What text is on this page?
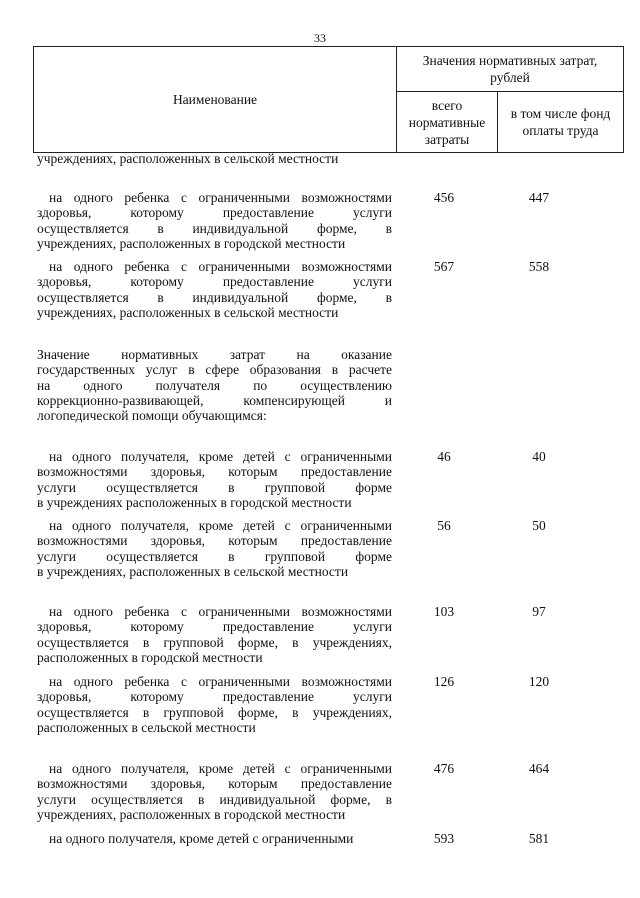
33
Наименование	Значения нормативных затрат, рублей	
	всего нормативные затраты	в том числе фонд оплаты труда
учреждениях, расположенных в сельской местности
на одного ребенка с ограниченными возможностями
здоровья, которому предоставление услуги
осуществляется в индивидуальной форме, в
учреждениях, расположенных в городской местности
456	447
на одного ребенка с ограниченными возможностями
здоровья, которому предоставление услуги
осуществляется в индивидуальной форме, в
учреждениях, расположенных в сельской местности
567	558
Значение нормативных затрат на оказание
государственных услуг в сфере образования в расчете
на одного получателя по осуществлению
коррекционно-развивающей, компенсирующей и
логопедической помощи обучающимся:
на одного получателя, кроме детей с ограниченными
возможностями здоровья, которым предоставление
услуги осуществляется в групповой форме
в учреждениях расположенных в городской местности
46	40
на одного получателя, кроме детей с ограниченными
возможностями здоровья, которым предоставление
услуги осуществляется в групповой форме
в учреждениях, расположенных в сельской местности
56	50
на одного ребенка с ограниченными возможностями
здоровья, которому предоставление услуги
осуществляется в групповой форме, в учреждениях,
расположенных в городской местности
103	97
на одного ребенка с ограниченными возможностями
здоровья, которому предоставление услуги
осуществляется в групповой форме, в учреждениях,
расположенных в сельской местности
126	120
на одного получателя, кроме детей с ограниченными
возможностями здоровья, которым предоставление
услуги осуществляется в индивидуальной форме, в
учреждениях, расположенных в городской местности
476	464
на одного получателя, кроме детей с ограниченными	593	581
